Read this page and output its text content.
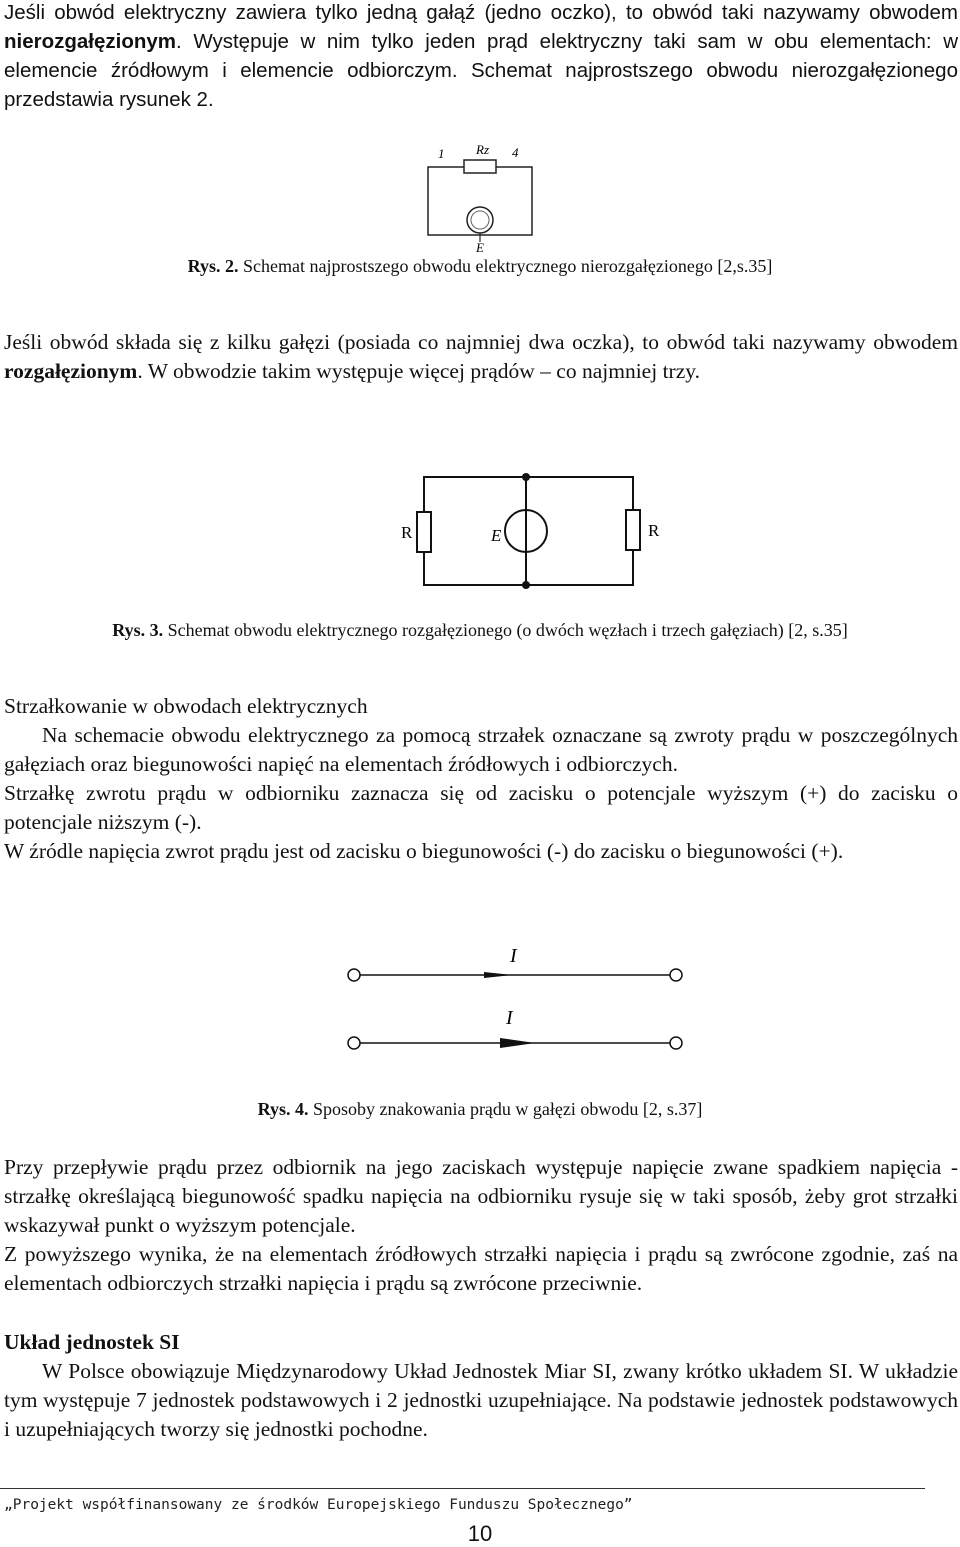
Jeśli obwód elektryczny zawiera tylko jedną gałąź (jedno oczko), to obwód taki nazywamy obwodem nierozgałęzionym. Występuje w nim tylko jeden prąd elektryczny taki sam w obu elementach: w elemencie źródłowym i elemencie odbiorczym. Schemat najprostszego obwodu nierozgałęzionego przedstawia rysunek 2.

1 Rz 4
E
Rys. 2. Schemat najprostszego obwodu elektrycznego nierozgałęzionego [2,s.35]

Jeśli obwód składa się z kilku gałęzi (posiada co najmniej dwa oczka), to obwód taki nazywamy obwodem rozgałęzionym. W obwodzie takim występuje więcej prądów – co najmniej trzy.

R	E	R
Rys. 3. Schemat obwodu elektrycznego rozgałęzionego (o dwóch węzłach i trzech gałęziach) [2, s.35]
Strzałkowanie w obwodach elektrycznych
Na schemacie obwodu elektrycznego za pomocą strzałek oznaczane są zwroty prądu w poszczególnych gałęziach oraz biegunowości napięć na elementach źródłowych i odbiorczych.
Strzałkę zwrotu prądu w odbiorniku zaznacza się od zacisku o potencjale wyższym (+) do zacisku o potencjale niższym (-).
W źródle napięcia zwrot prądu jest od zacisku o biegunowości (-) do zacisku o biegunowości (+).
I
I
Rys. 4. Sposoby znakowania prądu w gałęzi obwodu [2, s.37]
Przy przepływie prądu przez odbiornik na jego zaciskach występuje napięcie zwane spadkiem napięcia - strzałkę określającą biegunowość spadku napięcia na odbiorniku rysuje się w taki sposób, żeby grot strzałki wskazywał punkt o wyższym potencjale.
Z powyższego wynika, że na elementach źródłowych strzałki napięcia i prądu są zwrócone zgodnie, zaś na elementach odbiorczych strzałki napięcia i prądu są zwrócone przeciwnie.
Układ jednostek SI
W Polsce obowiązuje Międzynarodowy Układ Jednostek Miar SI, zwany krótko układem SI. W układzie tym występuje 7 jednostek podstawowych i 2 jednostki uzupełniające. Na podstawie jednostek podstawowych i uzupełniających tworzy się jednostki pochodne.
„Projekt współfinansowany ze środków Europejskiego Funduszu Społecznego”
10
